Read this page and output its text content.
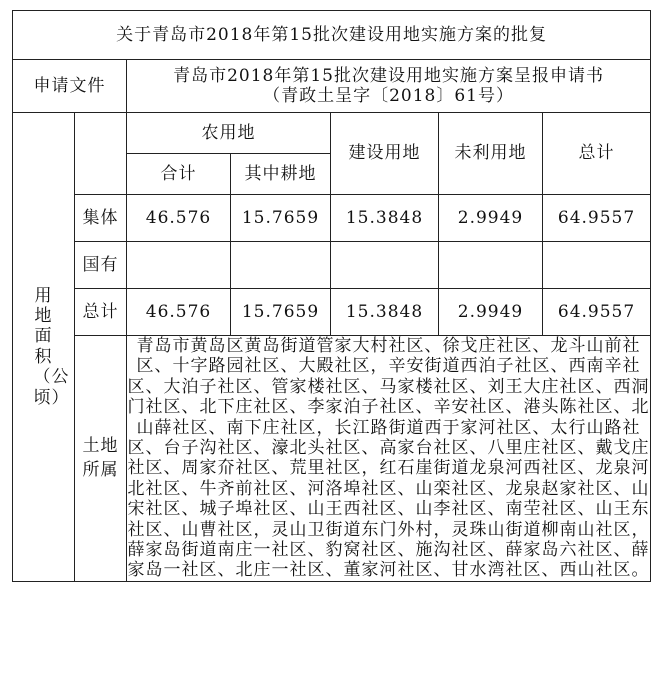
关于青岛市2018年第15批次建设用地实施方案的批复						
申请文件		青岛市2018年第15批次建设用地实施方案呈报申请书
（青政土呈字〔2018〕61号）				

用地面积（公顷）		农用地		建设用地	未利用地	总计
		合计	其中耕地			
	集体	46.576	15.7659	15.3848	2.9949	64.9557
	国有					
	总计	46.576	15.7659	15.3848	2.9949	64.9557
	土地所属	青岛市黄岛区黄岛街道管家大村社区、徐戈庄社区、龙斗山前社区、十字路园社区、大殿社区，辛安街道西泊子社区、西南辛社区、大泊子社区、管家楼社区、马家楼社区、刘王大庄社区、西洞门社区、北下庄社区、李家泊子社区、辛安社区、港头陈社区、北山薛社区、南下庄社区，长江路街道西于家河社区、太行山路社区、台子沟社区、濠北头社区、高家台社区、八里庄社区、戴戈庄社区、周家夼社区、荒里社区，红石崖街道龙泉河西社区、龙泉河北社区、牛齐前社区、河洛埠社区、山栾社区、龙泉赵家社区、山宋社区、城子埠社区、山王西社区、山李社区、南茔社区、山王东社区、山曹社区，灵山卫街道东门外村，灵珠山街道柳南山社区，薛家岛街道南庄一社区、豹窝社区、施沟社区、薛家岛六社区、薛家岛一社区、北庄一社区、董家河社区、甘水湾社区、西山社区。				
